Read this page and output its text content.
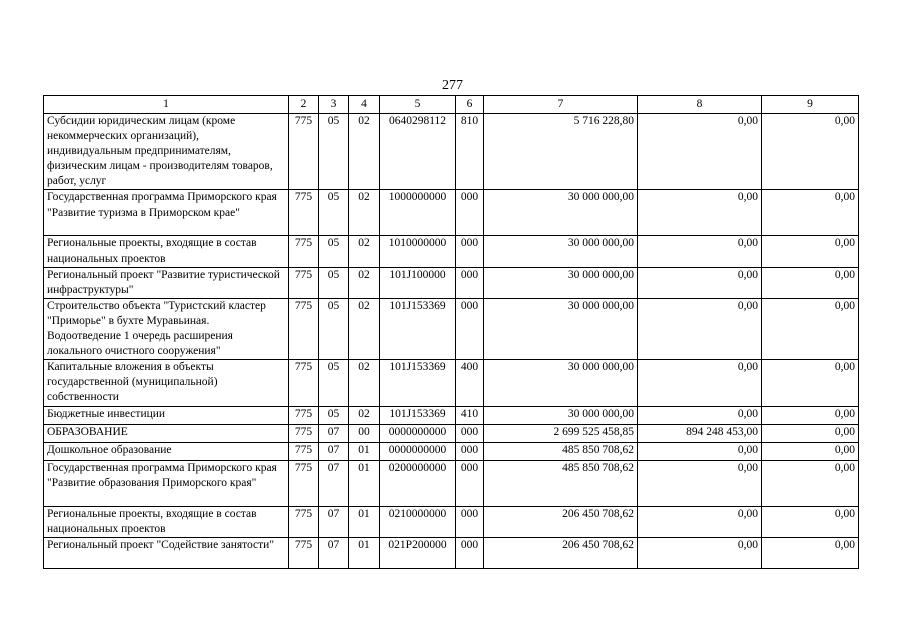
277
1	2	3	4	5	6	7	8	9
Субсидии юридическим лицам (кроме некоммерческих организаций), индивидуальным предпринимателям, физическим лицам - производителям товаров, работ, услуг	775	05	02	0640298112	810	5 716 228,80	0,00	0,00
Государственная программа Приморского края "Развитие туризма в Приморском крае"	775	05	02	1000000000	000	30 000 000,00	0,00	0,00
Региональные проекты, входящие в состав национальных проектов	775	05	02	1010000000	000	30 000 000,00	0,00	0,00
Региональный проект "Развитие туристической инфраструктуры"	775	05	02	101J100000	000	30 000 000,00	0,00	0,00
Строительство объекта "Туристский кластер "Приморье" в бухте Муравьиная. Водоотведение 1 очередь расширения локального очистного сооружения"	775	05	02	101J153369	000	30 000 000,00	0,00	0,00
Капитальные вложения в объекты государственной (муниципальной) собственности	775	05	02	101J153369	400	30 000 000,00	0,00	0,00
Бюджетные инвестиции	775	05	02	101J153369	410	30 000 000,00	0,00	0,00
ОБРАЗОВАНИЕ	775	07	00	0000000000	000	2 699 525 458,85	894 248 453,00	0,00
Дошкольное образование	775	07	01	0000000000	000	485 850 708,62	0,00	0,00
Государственная программа Приморского края "Развитие образования Приморского края"	775	07	01	0200000000	000	485 850 708,62	0,00	0,00
Региональные проекты, входящие в состав национальных проектов	775	07	01	0210000000	000	206 450 708,62	0,00	0,00
Региональный проект "Содействие занятости"	775	07	01	021P200000	000	206 450 708,62	0,00	0,00
